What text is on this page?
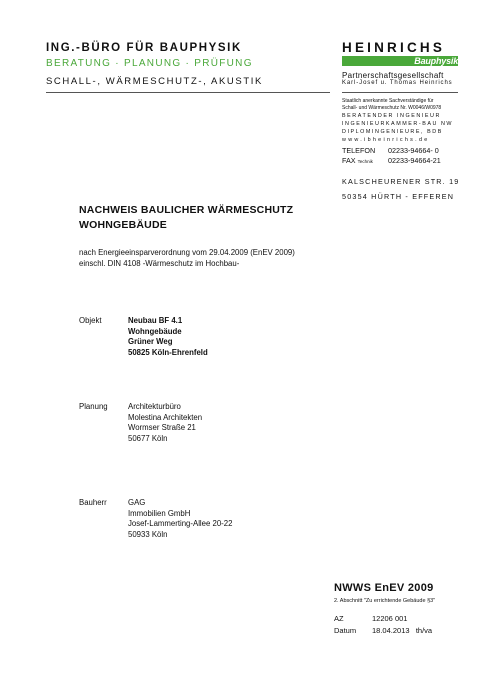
ING.-BÜRO FÜR BAUPHYSIK
BERATUNG · PLANUNG · PRÜFUNG
SCHALL-, WÄRMESCHUTZ-, AKUSTIK
HEINRICHS
Bauphysik
Partnerschaftsgesellschaft
Karl-Josef u. Thomas Heinrichs
Staatlich anerkannte Sachverständige für
Schall- und Wärmeschutz Nr. W0046/W0978
BERATENDER INGENIEUR
INGENIEURKAMMER-BAU NW
DIPLOMINGENIEURE, BDB
www.ibheinrichs.de
TELEFON 02233-94664- 0
FAX Technik 02233-94664-21
KALSCHEURENER STR. 19
50354 HÜRTH - EFFEREN
NACHWEIS BAULICHER WÄRMESCHUTZ
WOHNGEBÄUDE
nach Energieeinsparverordnung vom 29.04.2009 (EnEV 2009)
einschl. DIN 4108 -Wärmeschutz im Hochbau-
Objekt	Neubau BF 4.1
Wohngebäude
Grüner Weg
50825 Köln-Ehrenfeld
Planung	Architekturbüro
Molestina Architekten
Wormser Straße 21
50677 Köln
Bauherr	GAG
Immobilien GmbH
Josef-Lammerting-Allee 20-22
50933 Köln
NWWS EnEV 2009
2. Abschnitt "Zu errichtende Gebäude §3"
AZ	12206 001
Datum 18.04.2013 th/va
